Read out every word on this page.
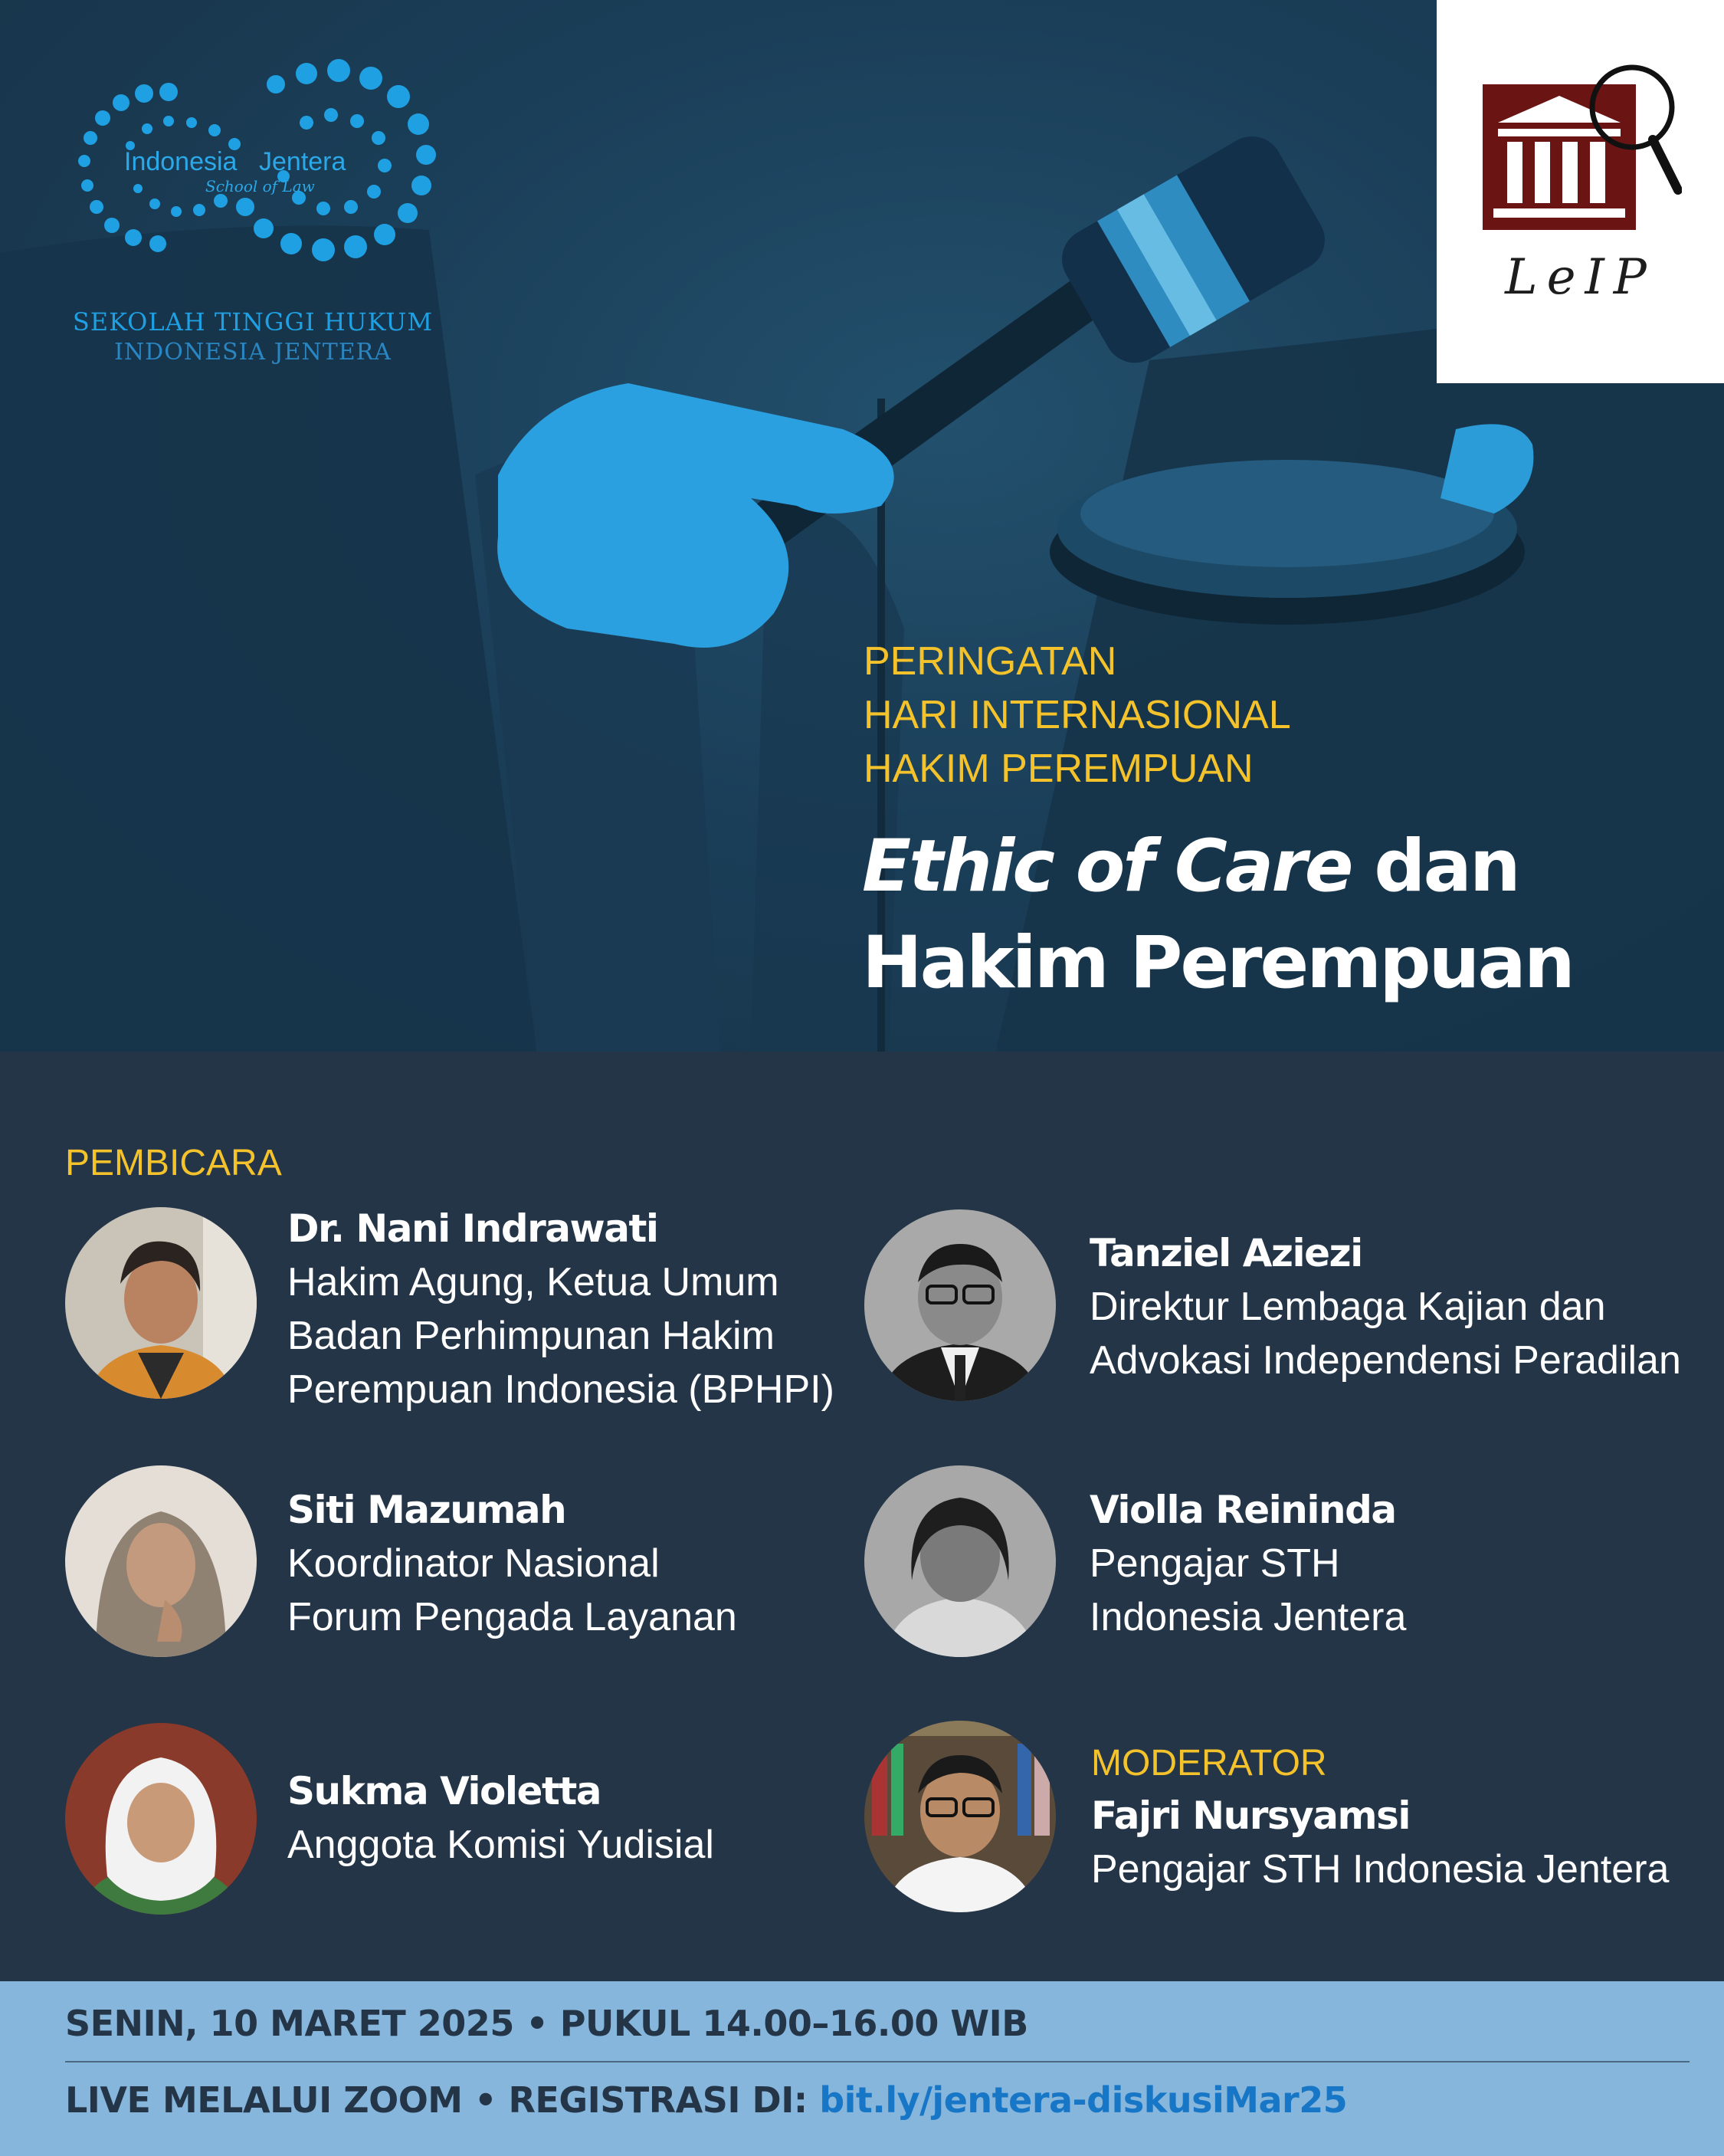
Indonesia Jentera
School of Law
SEKOLAH TINGGI HUKUM
INDONESIA JENTERA
PERINGATAN
HARI INTERNASIONAL
HAKIM PEREMPUAN
Ethic of Care dan
Hakim Perempuan
LeIP
PEMBICARA
Dr. Nani Indrawati
Hakim Agung, Ketua Umum
Badan Perhimpunan Hakim
Perempuan Indonesia (BPHPI)
Tanziel Aziezi
Direktur Lembaga Kajian dan
Advokasi Independensi Peradilan
Siti Mazumah
Koordinator Nasional
Forum Pengada Layanan
Violla Reininda
Pengajar STH
Indonesia Jentera
Sukma Violetta
Anggota Komisi Yudisial
MODERATOR
Fajri Nursyamsi
Pengajar STH Indonesia Jentera
SENIN, 10 MARET 2025 • PUKUL 14.00–16.00 WIB
LIVE MELALUI ZOOM • REGISTRASI DI: bit.ly/jentera-diskusiMar25
